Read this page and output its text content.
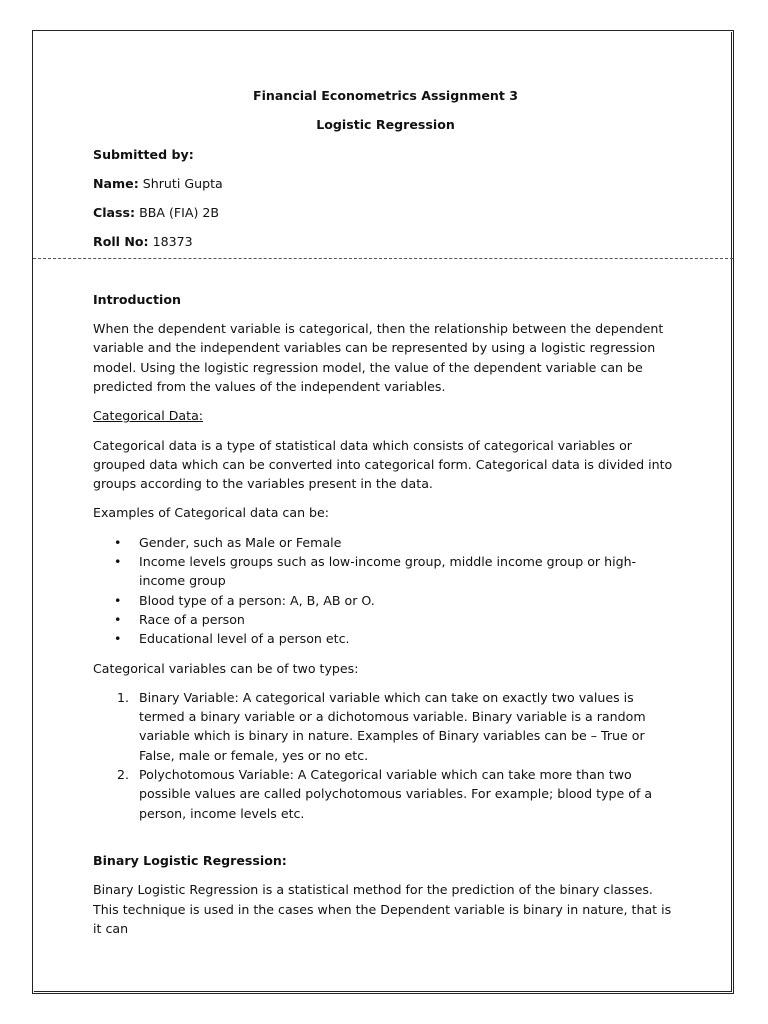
Financial Econometrics Assignment 3

Logistic Regression

Submitted by:

Name: Shruti Gupta

Class: BBA (FIA) 2B

Roll No: 18373

Introduction

When the dependent variable is categorical, then the relationship between the dependent variable and the independent variables can be represented by using a logistic regression model. Using the logistic regression model, the value of the dependent variable can be predicted from the values of the independent variables.

Categorical Data:

Categorical data is a type of statistical data which consists of categorical variables or grouped data which can be converted into categorical form. Categorical data is divided into groups according to the variables present in the data.

Examples of Categorical data can be:

• Gender, such as Male or Female
• Income levels groups such as low-income group, middle income group or high-income group
• Blood type of a person: A, B, AB or O.
• Race of a person
• Educational level of a person etc.

Categorical variables can be of two types:

1. Binary Variable: A categorical variable which can take on exactly two values is termed a binary variable or a dichotomous variable. Binary variable is a random variable which is binary in nature. Examples of Binary variables can be – True or False, male or female, yes or no etc.
2. Polychotomous Variable: A Categorical variable which can take more than two possible values are called polychotomous variables. For example; blood type of a person, income levels etc.

Binary Logistic Regression:

Binary Logistic Regression is a statistical method for the prediction of the binary classes. This technique is used in the cases when the Dependent variable is binary in nature, that is it can
